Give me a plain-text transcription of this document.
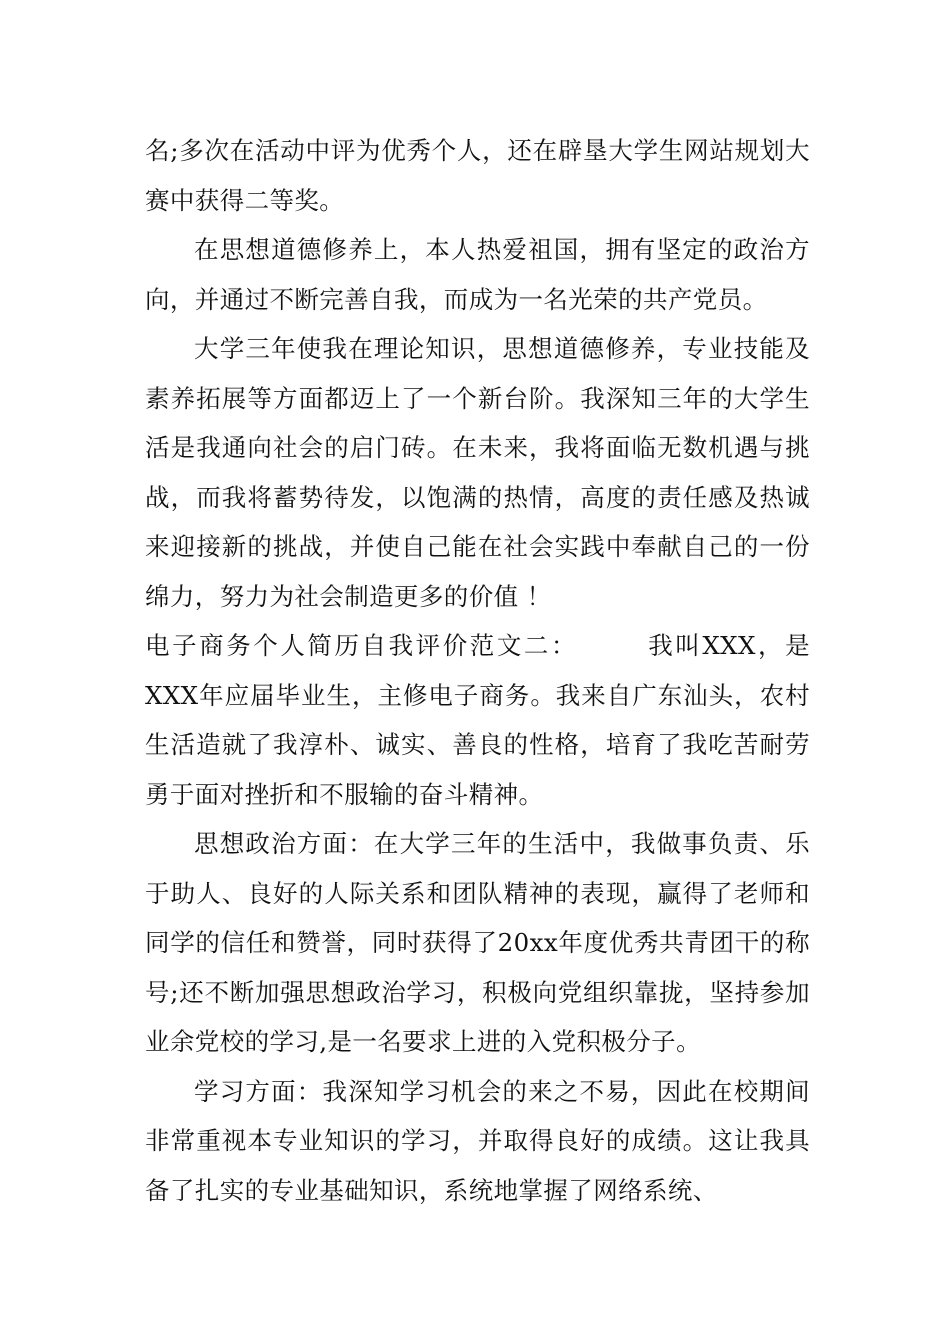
名;多次在活动中评为优秀个人，还在辟垦大学生网站规划大赛中获得二等奖。

在思想道德修养上，本人热爱祖国，拥有坚定的政治方向，并通过不断完善自我，而成为一名光荣的共产党员。

大学三年使我在理论知识，思想道德修养，专业技能及素养拓展等方面都迈上了一个新台阶。我深知三年的大学生活是我通向社会的启门砖。在未来，我将面临无数机遇与挑战，而我将蓄势待发，以饱满的热情，高度的责任感及热诚来迎接新的挑战，并使自己能在社会实践中奉献自己的一份绵力，努力为社会制造更多的价值 ！

电子商务个人简历自我评价范文二：	我叫XXX，是XXX年应届毕业生，主修电子商务。我来自广东汕头，农村生活造就了我淳朴、诚实、善良的性格，培育了我吃苦耐劳勇于面对挫折和不服输的奋斗精神。

思想政治方面：在大学三年的生活中，我做事负责、乐于助人、良好的人际关系和团队精神的表现，赢得了老师和同学的信任和赞誉，同时获得了20xx年度优秀共青团干的称号;还不断加强思想政治学习，积极向党组织靠拢，坚持参加业余党校的学习,是一名要求上进的入党积极分子。

学习方面：我深知学习机会的来之不易，因此在校期间非常重视本专业知识的学习，并取得良好的成绩。这让我具备了扎实的专业基础知识，系统地掌握了网络系统、
